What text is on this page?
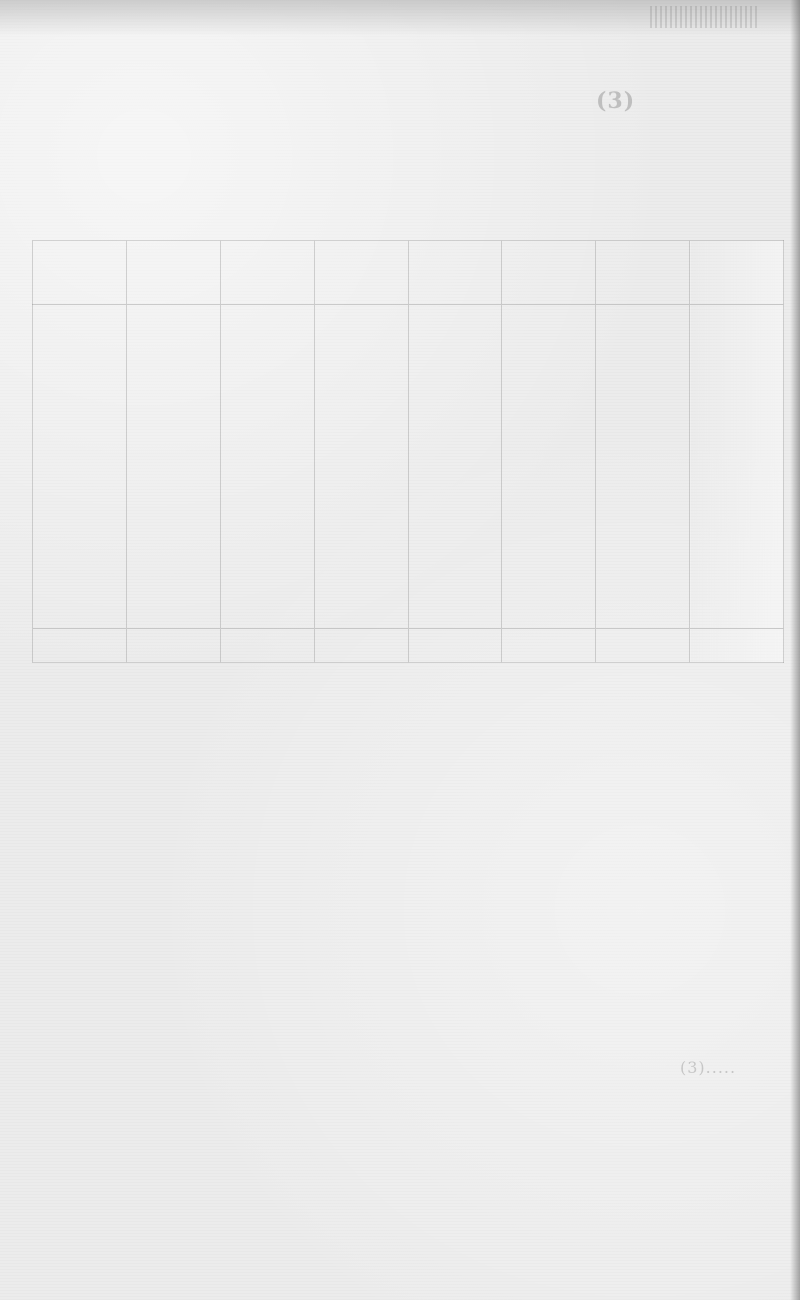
(3)

(3).....
